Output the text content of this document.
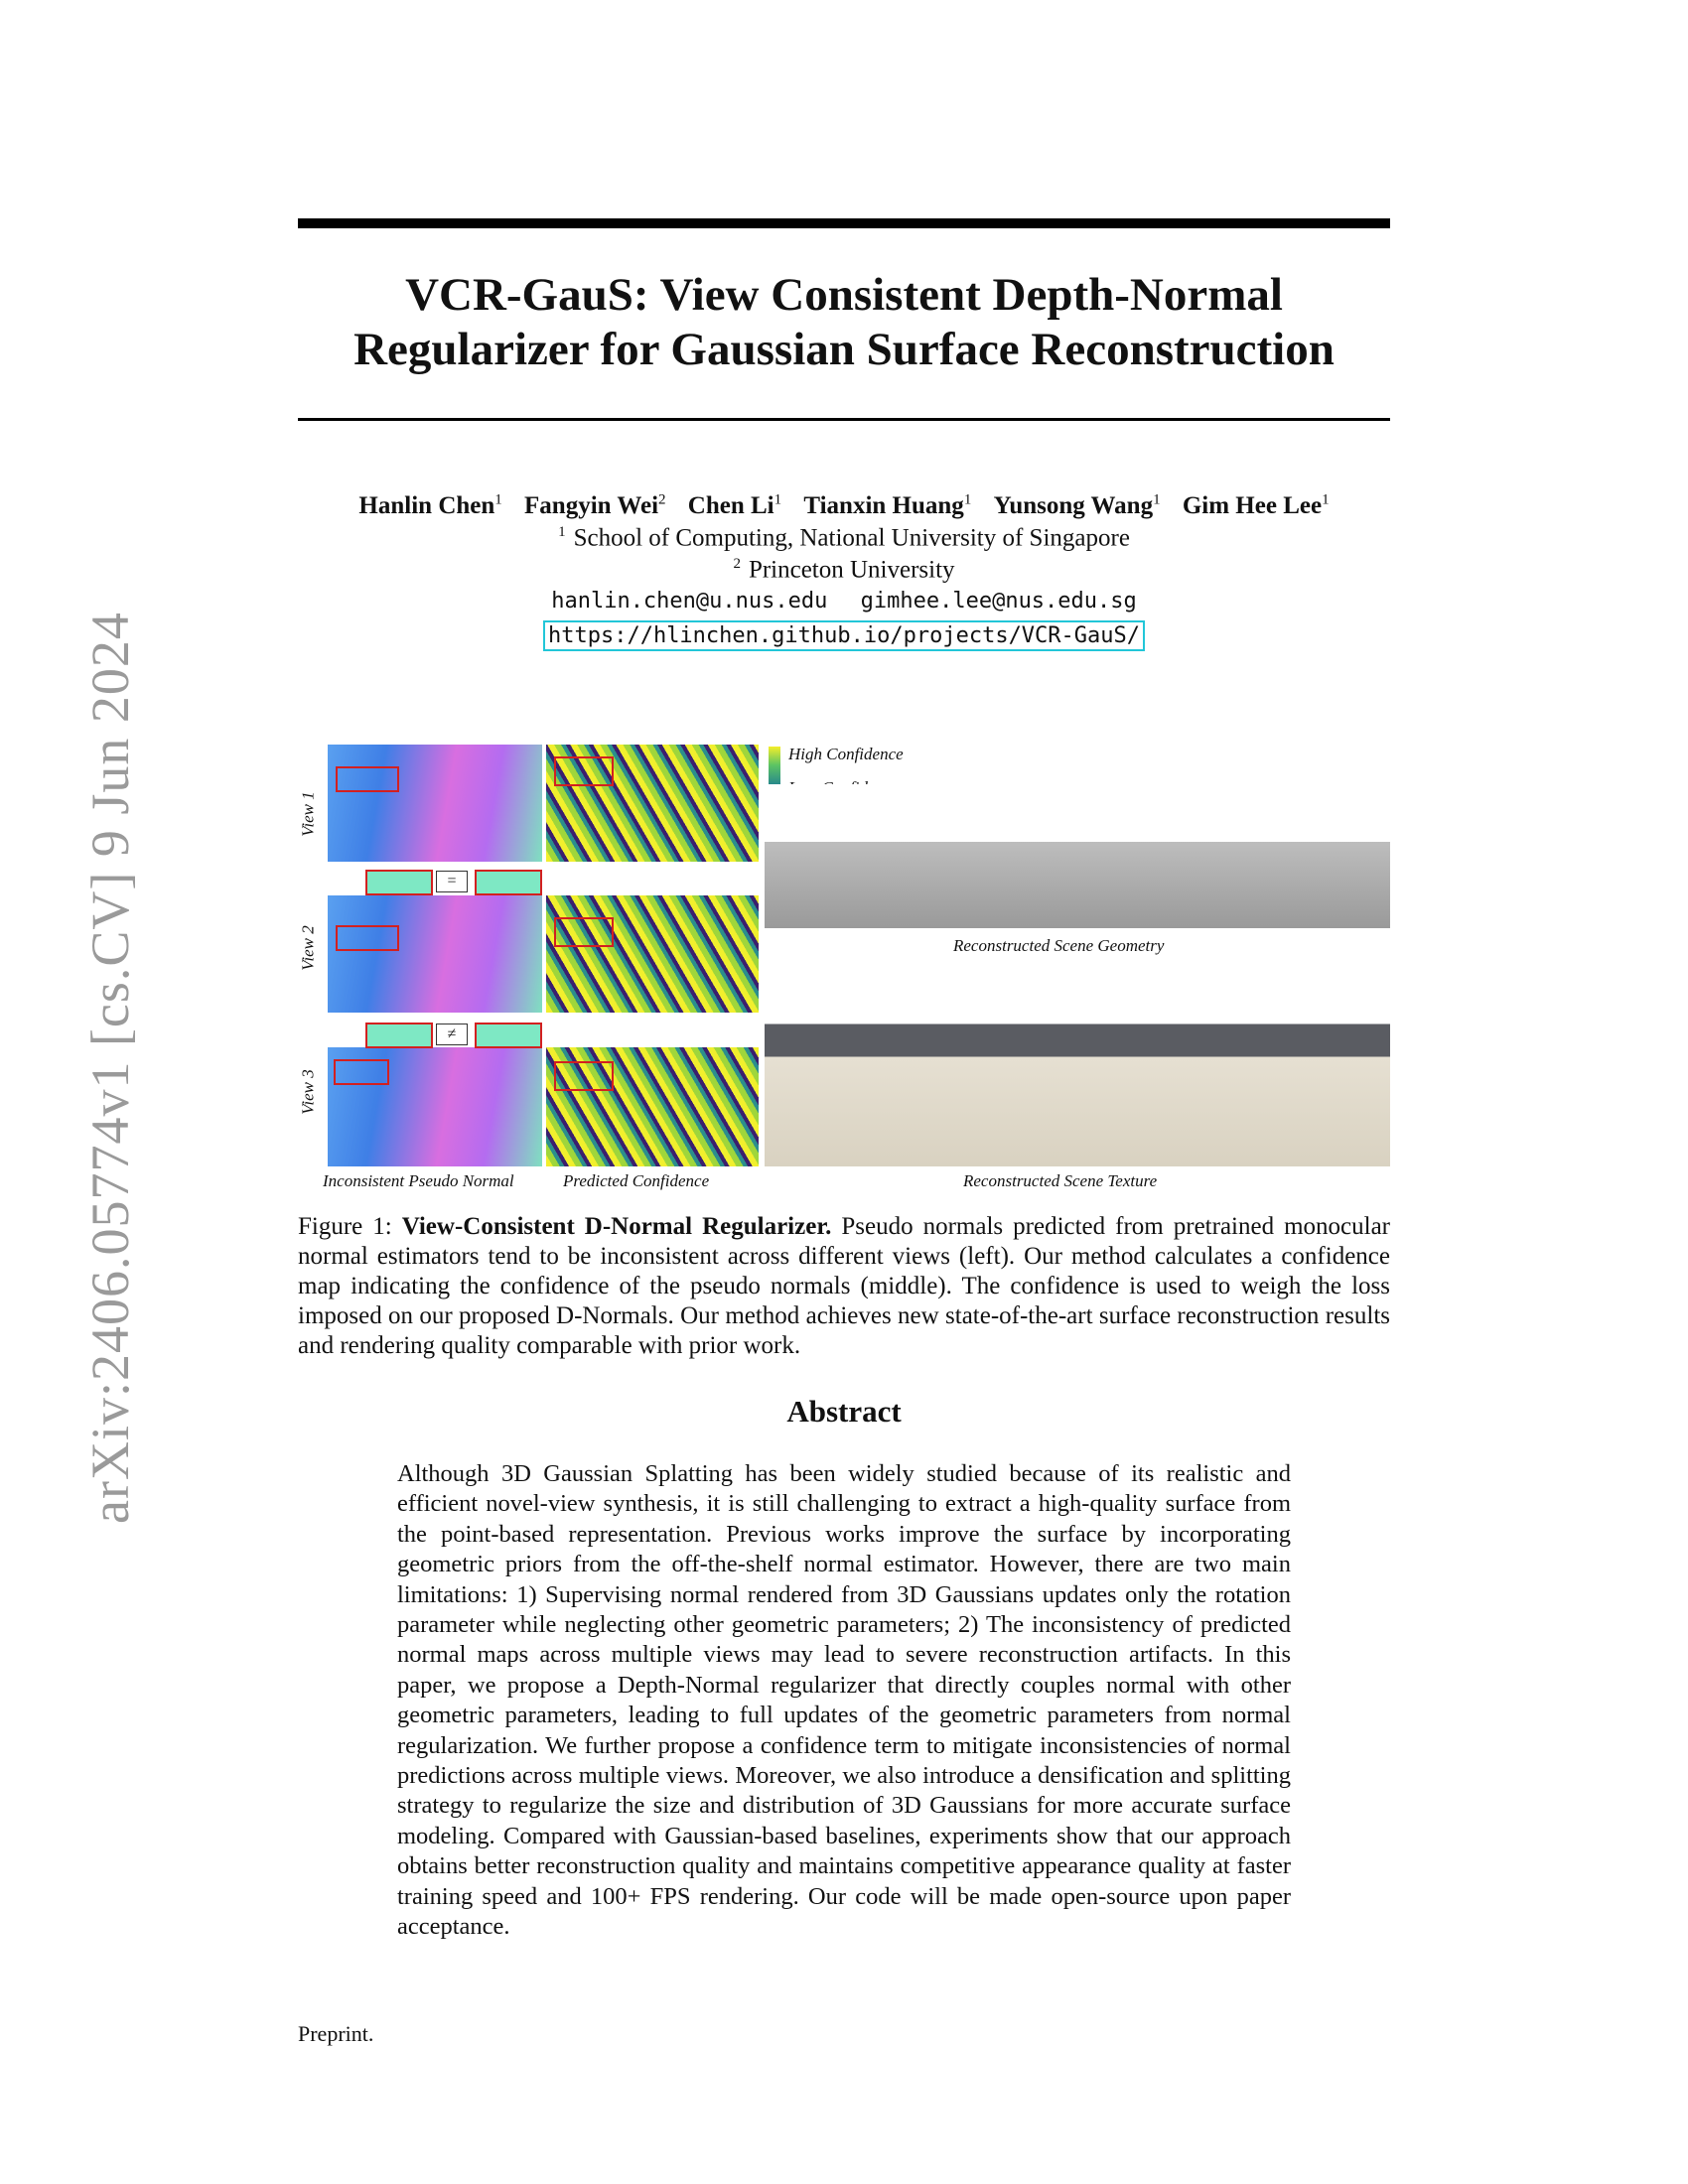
arXiv:2406.05774v1 [cs.CV] 9 Jun 2024
VCR-GauS: View Consistent Depth-Normal
Regularizer for Gaussian Surface Reconstruction
Hanlin Chen$^1$ Fangyin Wei$^2$ Chen Li$^1$ Tianxin Huang$^1$ Yunsong Wang$^1$ Gim Hee Lee$^1$
$^1$ School of Computing, National University of Singapore
$^2$ Princeton University
hanlin.chen@u.nus.edu gimhee.lee@nus.edu.sg
https://hlinchen.github.io/projects/VCR-GauS/
View 1
View 2
View 3
=
≠
High Confidence
Reconstructed Scene Geometry
Inconsistent Pseudo Normal	Predicted Confidence	Reconstructed Scene Texture
Figure 1: View-Consistent D-Normal Regularizer. Pseudo normals predicted from pretrained monocular normal estimators tend to be inconsistent across different views (left). Our method calculates a confidence map indicating the confidence of the pseudo normals (middle). The confidence is used to weigh the loss imposed on our proposed D-Normals. Our method achieves new state-of-the-art surface reconstruction results and rendering quality comparable with prior work.
Abstract
Although 3D Gaussian Splatting has been widely studied because of its realistic and efficient novel-view synthesis, it is still challenging to extract a high-quality surface from the point-based representation. Previous works improve the surface by incorporating geometric priors from the off-the-shelf normal estimator. However, there are two main limitations: 1) Supervising normal rendered from 3D Gaussians updates only the rotation parameter while neglecting other geometric parameters; 2) The inconsistency of predicted normal maps across multiple views may lead to severe reconstruction artifacts. In this paper, we propose a Depth-Normal regularizer that directly couples normal with other geometric parameters, leading to full updates of the geometric parameters from normal regularization. We further propose a confidence term to mitigate inconsistencies of normal predictions across multiple views. Moreover, we also introduce a densification and splitting strategy to regularize the size and distribution of 3D Gaussians for more accurate surface modeling. Compared with Gaussian-based baselines, experiments show that our approach obtains better reconstruction quality and maintains competitive appearance quality at faster training speed and 100+ FPS rendering. Our code will be made open-source upon paper acceptance.
Preprint.
